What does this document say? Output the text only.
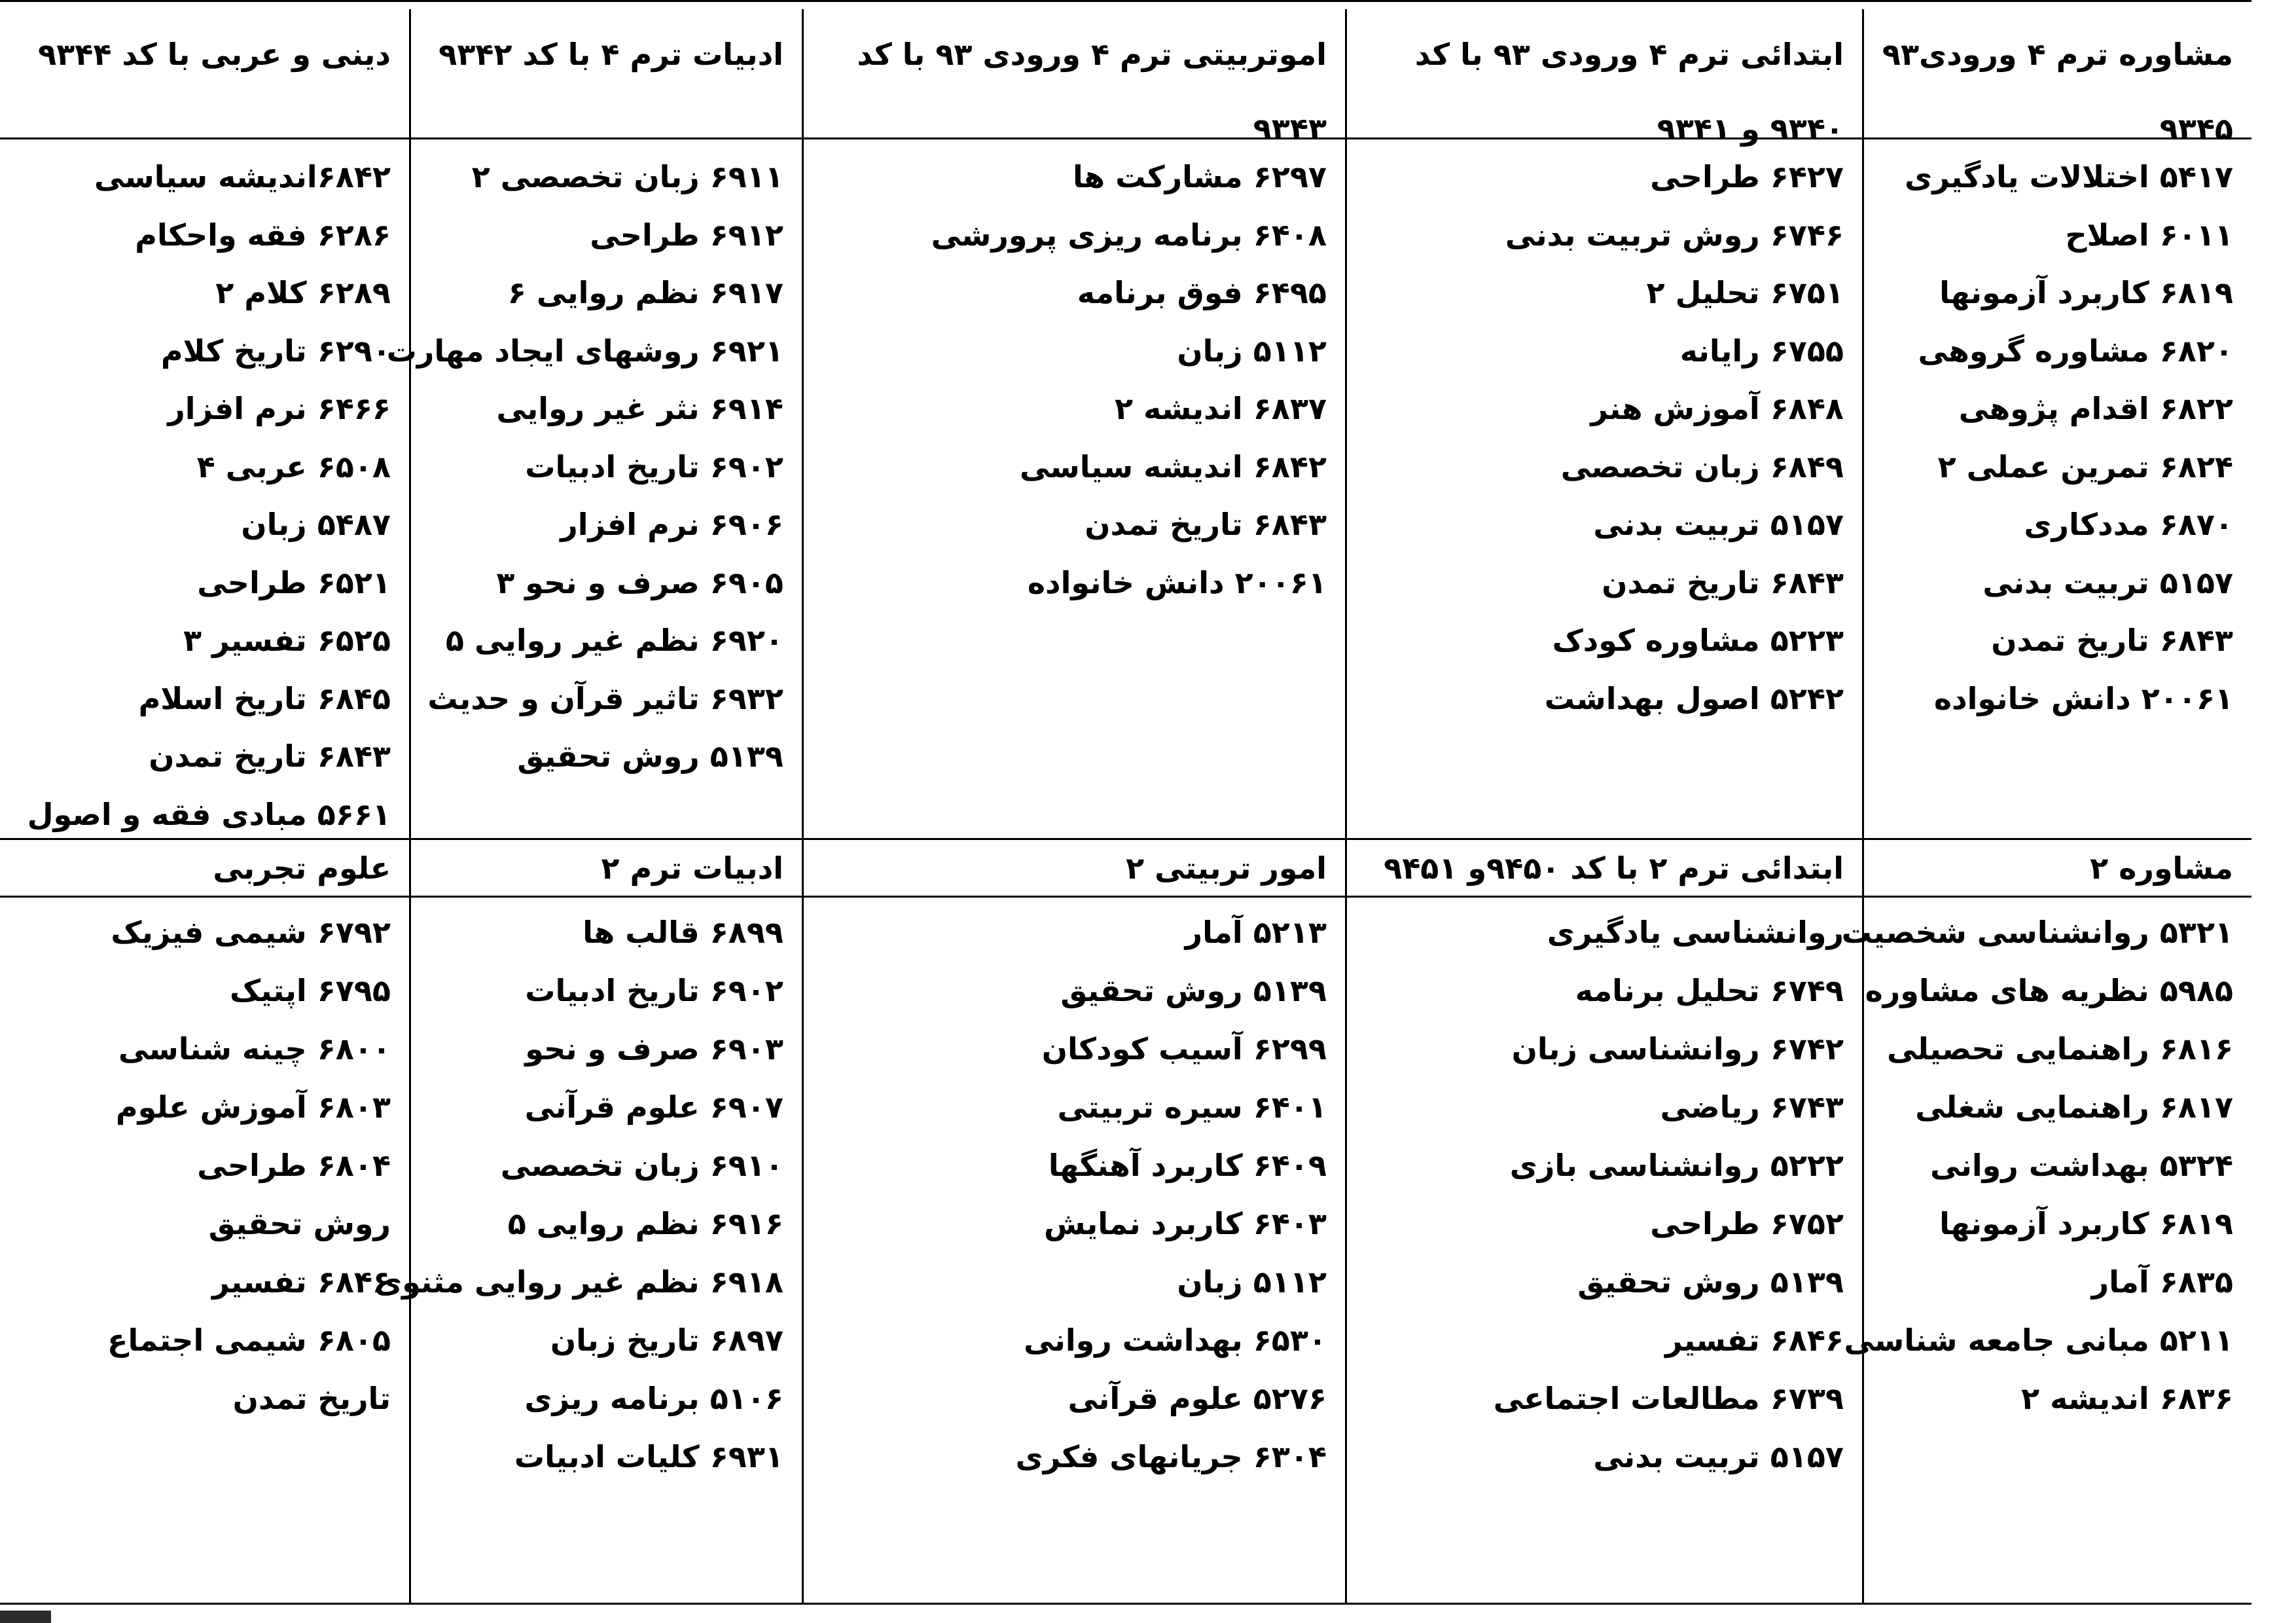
مشاوره ترم ۴ ورودی۹۳ ۹۳۴۵
ابتدائی ترم ۴ ورودی ۹۳ با کد ۹۳۴۰ و ۹۳۴۱
اموتربیتی ترم ۴ ورودی ۹۳ با کد ۹۳۴۳
ادبیات ترم ۴ با کد ۹۳۴۲
دینی و عربی با کد ۹۳۴۴
۵۴۱۷ اختلالات یادگیری
۶۰۱۱ اصلاح
۶۸۱۹ کاربرد آزمونها
۶۸۲۰ مشاوره گروهی
۶۸۲۲ اقدام پژوهی
۶۸۲۴ تمرین عملی ۲
۶۸۷۰ مددکاری
۵۱۵۷ تربیت بدنی
۶۸۴۳ تاریخ تمدن
۲۰۰۶۱ دانش خانواده
۶۴۲۷ طراحی
۶۷۴۶ روش تربیت بدنی
۶۷۵۱ تحلیل ۲
۶۷۵۵ رایانه
۶۸۴۸ آموزش هنر
۶۸۴۹ زبان تخصصی
۵۱۵۷ تربیت بدنی
۶۸۴۳ تاریخ تمدن
۵۲۲۳ مشاوره کودک
۵۲۴۲ اصول بهداشت
۶۲۹۷ مشارکت ها
۶۴۰۸ برنامه ریزی پرورشی
۶۴۹۵ فوق برنامه
۵۱۱۲ زبان
۶۸۳۷ اندیشه ۲
۶۸۴۲ اندیشه سیاسی
۶۸۴۳ تاریخ تمدن
۲۰۰۶۱ دانش خانواده
۶۹۱۱ زبان تخصصی ۲
۶۹۱۲ طراحی
۶۹۱۷ نظم روایی ۶
۶۹۲۱ روشهای ایجاد مهارت
۶۹۱۴ نثر غیر روایی
۶۹۰۲ تاریخ ادبیات
۶۹۰۶ نرم افزار
۶۹۰۵ صرف و نحو ۳
۶۹۲۰ نظم غیر روایی ۵
۶۹۳۲ تاثیر قرآن و حدیث
۵۱۳۹ روش تحقیق
۶۸۴۲اندیشه سیاسی
۶۲۸۶ فقه واحکام
۶۲۸۹ کلام ۲
۶۲۹۰ تاریخ کلام
۶۴۶۶ نرم افزار
۶۵۰۸ عربی ۴
۵۴۸۷ زبان
۶۵۲۱ طراحی
۶۵۲۵ تفسیر ۳
۶۸۴۵ تاریخ اسلام
۶۸۴۳ تاریخ تمدن
۵۶۶۱ مبادی فقه و اصول
مشاوره ۲
ابتدائی ترم ۲ با کد ۹۴۵۰و ۹۴۵۱
امور تربیتی ۲
ادبیات ترم ۲
علوم تجربی
۵۳۲۱ روانشناسی شخصیت
۵۹۸۵ نظریه های مشاوره
۶۸۱۶ راهنمایی تحصیلی
۶۸۱۷ راهنمایی شغلی
۵۳۲۴ بهداشت روانی
۶۸۱۹ کاربرد آزمونها
۶۸۳۵ آمار
۵۲۱۱ مبانی جامعه شناسی
۶۸۳۶ اندیشه ۲
روانشناسی یادگیری
۶۷۴۹ تحلیل برنامه
۶۷۴۲ روانشناسی زبان
۶۷۴۳ ریاضی
۵۲۲۲ روانشناسی بازی
۶۷۵۲ طراحی
۵۱۳۹ روش تحقیق
۶۸۴۶ تفسیر
۶۷۳۹ مطالعات اجتماعی
۵۱۵۷ تربیت بدنی
۵۲۱۳ آمار
۵۱۳۹ روش تحقیق
۶۲۹۹ آسیب کودکان
۶۴۰۱ سیره تربیتی
۶۴۰۹ کاربرد آهنگها
۶۴۰۳ کاربرد نمایش
۵۱۱۲ زبان
۶۵۳۰ بهداشت روانی
۵۲۷۶ علوم قرآنی
۶۳۰۴ جریانهای فکری
۶۸۹۹ قالب ها
۶۹۰۲ تاریخ ادبیات
۶۹۰۳ صرف و نحو
۶۹۰۷ علوم قرآنی
۶۹۱۰ زبان تخصصی
۶۹۱۶ نظم روایی ۵
۶۹۱۸ نظم غیر روایی مثنوی
۶۸۹۷ تاریخ زبان
۵۱۰۶ برنامه ریزی
۶۹۳۱ کلیات ادبیات
۶۷۹۲ شیمی فیزیک
۶۷۹۵ اپتیک
۶۸۰۰ چینه شناسی
۶۸۰۳ آموزش علوم
۶۸۰۴ طراحی
روش تحقیق
۶۸۴۶ تفسیر
۶۸۰۵ شیمی اجتماع
تاریخ تمدن
